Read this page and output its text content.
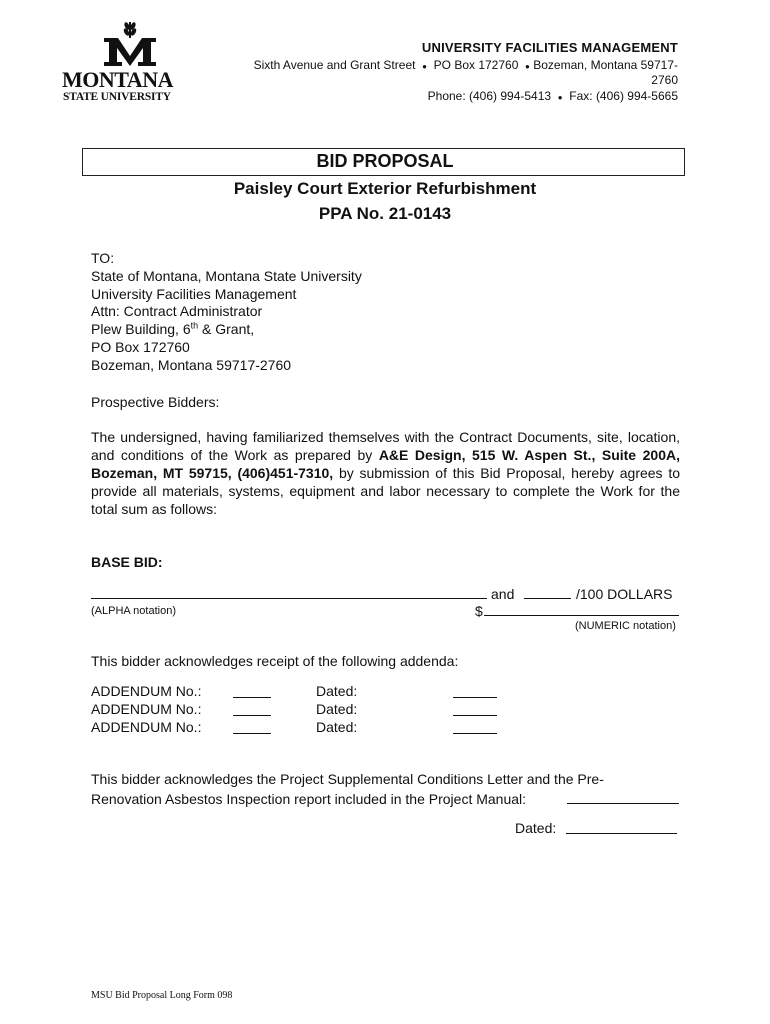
MONTANA
STATE UNIVERSITY
UNIVERSITY FACILITIES MANAGEMENT
Sixth Avenue and Grant Street ● PO Box 172760 ● Bozeman, Montana 59717-
2760
Phone: (406) 994-5413 ● Fax: (406) 994-5665
BID PROPOSAL
Paisley Court Exterior Refurbishment
PPA No. 21-0143
TO:
State of Montana, Montana State University
University Facilities Management
Attn: Contract Administrator
Plew Building, 6th & Grant,
PO Box 172760
Bozeman, Montana 59717-2760
Prospective Bidders:
The undersigned, having familiarized themselves with the Contract Documents, site, location, and conditions of the Work as prepared by A&E Design, 515 W. Aspen St., Suite 200A, Bozeman, MT 59715, (406)451-7310, by submission of this Bid Proposal, hereby agrees to provide all materials, systems, equipment and labor necessary to complete the Work for the total sum as follows:
BASE BID:
and	/100 DOLLARS
(ALPHA notation)	$
(NUMERIC notation)
This bidder acknowledges receipt of the following addenda:
ADDENDUM No.:	Dated:
ADDENDUM No.:	Dated:
ADDENDUM No.:	Dated:
This bidder acknowledges the Project Supplemental Conditions Letter and the Pre-
Renovation Asbestos Inspection report included in the Project Manual:
Dated:
MSU Bid Proposal Long Form 098
